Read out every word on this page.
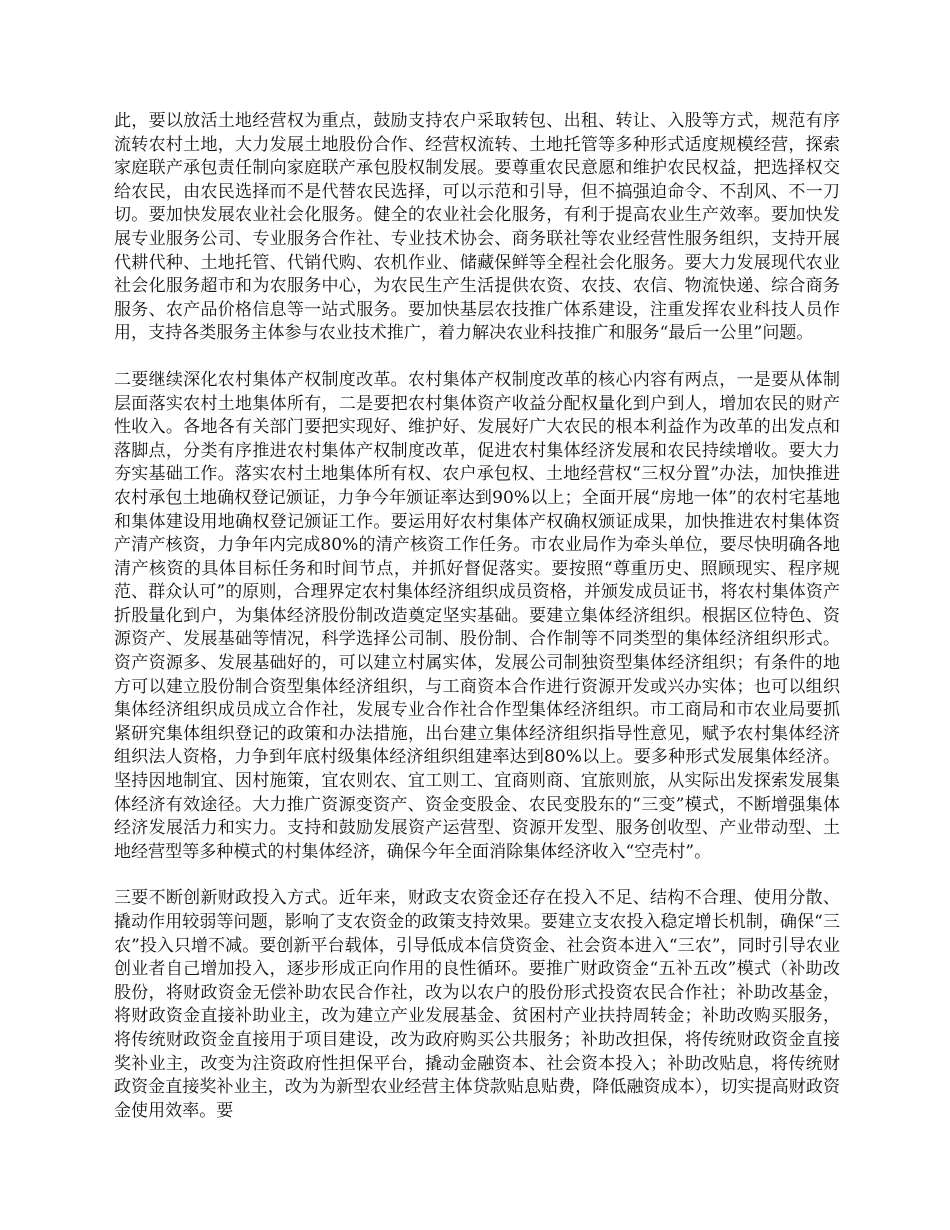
此，要以放活土地经营权为重点，鼓励支持农户采取转包、出租、转让、入股等方式，规范有序流转农村土地，大力发展土地股份合作、经营权流转、土地托管等多种形式适度规模经营，探索家庭联产承包责任制向家庭联产承包股权制发展。要尊重农民意愿和维护农民权益，把选择权交给农民，由农民选择而不是代替农民选择，可以示范和引导，但不搞强迫命令、不刮风、不一刀切。要加快发展农业社会化服务。健全的农业社会化服务，有利于提高农业生产效率。要加快发展专业服务公司、专业服务合作社、专业技术协会、商务联社等农业经营性服务组织，支持开展代耕代种、土地托管、代销代购、农机作业、储藏保鲜等全程社会化服务。要大力发展现代农业社会化服务超市和为农服务中心，为农民生产生活提供农资、农技、农信、物流快递、综合商务服务、农产品价格信息等一站式服务。要加快基层农技推广体系建设，注重发挥农业科技人员作用，支持各类服务主体参与农业技术推广，着力解决农业科技推广和服务“最后一公里”问题。

二要继续深化农村集体产权制度改革。农村集体产权制度改革的核心内容有两点，一是要从体制层面落实农村土地集体所有，二是要把农村集体资产收益分配权量化到户到人，增加农民的财产性收入。各地各有关部门要把实现好、维护好、发展好广大农民的根本利益作为改革的出发点和落脚点，分类有序推进农村集体产权制度改革，促进农村集体经济发展和农民持续增收。要大力夯实基础工作。落实农村土地集体所有权、农户承包权、土地经营权“三权分置”办法，加快推进农村承包土地确权登记颁证，力争今年颁证率达到90%以上；全面开展“房地一体”的农村宅基地和集体建设用地确权登记颁证工作。要运用好农村集体产权确权颁证成果，加快推进农村集体资产清产核资，力争年内完成80%的清产核资工作任务。市农业局作为牵头单位，要尽快明确各地清产核资的具体目标任务和时间节点，并抓好督促落实。要按照“尊重历史、照顾现实、程序规范、群众认可”的原则，合理界定农村集体经济组织成员资格，并颁发成员证书，将农村集体资产折股量化到户，为集体经济股份制改造奠定坚实基础。要建立集体经济组织。根据区位特色、资源资产、发展基础等情况，科学选择公司制、股份制、合作制等不同类型的集体经济组织形式。资产资源多、发展基础好的，可以建立村属实体，发展公司制独资型集体经济组织；有条件的地方可以建立股份制合资型集体经济组织，与工商资本合作进行资源开发或兴办实体；也可以组织集体经济组织成员成立合作社，发展专业合作社合作型集体经济组织。市工商局和市农业局要抓紧研究集体组织登记的政策和办法措施，出台建立集体经济组织指导性意见，赋予农村集体经济组织法人资格，力争到年底村级集体经济组织组建率达到80%以上。要多种形式发展集体经济。坚持因地制宜、因村施策，宜农则农、宜工则工、宜商则商、宜旅则旅，从实际出发探索发展集体经济有效途径。大力推广资源变资产、资金变股金、农民变股东的“三变”模式，不断增强集体经济发展活力和实力。支持和鼓励发展资产运营型、资源开发型、服务创收型、产业带动型、土地经营型等多种模式的村集体经济，确保今年全面消除集体经济收入“空壳村”。

三要不断创新财政投入方式。近年来，财政支农资金还存在投入不足、结构不合理、使用分散、撬动作用较弱等问题，影响了支农资金的政策支持效果。要建立支农投入稳定增长机制，确保“三农”投入只增不减。要创新平台载体，引导低成本信贷资金、社会资本进入“三农”，同时引导农业创业者自己增加投入，逐步形成正向作用的良性循环。要推广财政资金“五补五改”模式（补助改股份，将财政资金无偿补助农民合作社，改为以农户的股份形式投资农民合作社；补助改基金，将财政资金直接补助业主，改为建立产业发展基金、贫困村产业扶持周转金；补助改购买服务，将传统财政资金直接用于项目建设，改为政府购买公共服务；补助改担保，将传统财政资金直接奖补业主，改变为注资政府性担保平台，撬动金融资本、社会资本投入；补助改贴息，将传统财政资金直接奖补业主，改为为新型农业经营主体贷款贴息贴费，降低融资成本），切实提高财政资金使用效率。要
